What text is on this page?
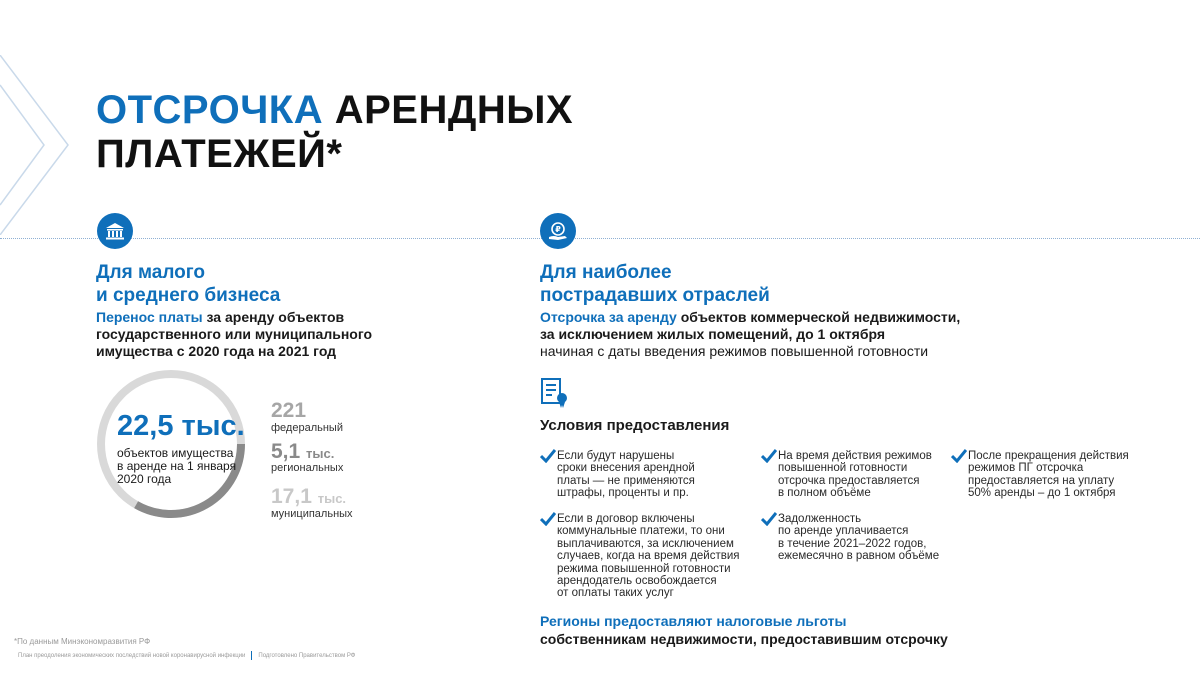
ОТСРОЧКА АРЕНДНЫХ
ПЛАТЕЖЕЙ*
Для малого
и среднего бизнеса
Перенос платы за аренду объектов
государственного или муниципального
имущества с 2020 года на 2021 год
22,5 тыс.
объектов имущества
в аренде на 1 января
2020 года
221
федеральный
5,1 тыс.
региональных
17,1 тыс.
муниципальных
₽
Для наиболее
пострадавших отраслей
Отсрочка за аренду объектов коммерческой недвижимости,
за исключением жилых помещений, до 1 октября
начиная с даты введения режимов повышенной готовности
Условия предоставления
Если будут нарушены
сроки внесения арендной
платы — не применяются
штрафы, проценты и пр.
На время действия режимов
повышенной готовности
отсрочка предоставляется
в полном объёме
После прекращения действия
режимов ПГ отсрочка
предоставляется на уплату
50% аренды – до 1 октября
Если в договор включены
коммунальные платежи, то они
выплачиваются, за исключением
случаев, когда на время действия
режима повышенной готовности
арендодатель освобождается
от оплаты таких услуг
Задолженность
по аренде уплачивается
в течение 2021–2022 годов,
ежемесячно в равном объёме
Регионы предоставляют налоговые льготы
собственникам недвижимости, предоставившим отсрочку
*По данным Минэкономразвития РФ
План преодоления экономических последствий новой коронавирусной инфекции Подготовлено Правительством РФ
